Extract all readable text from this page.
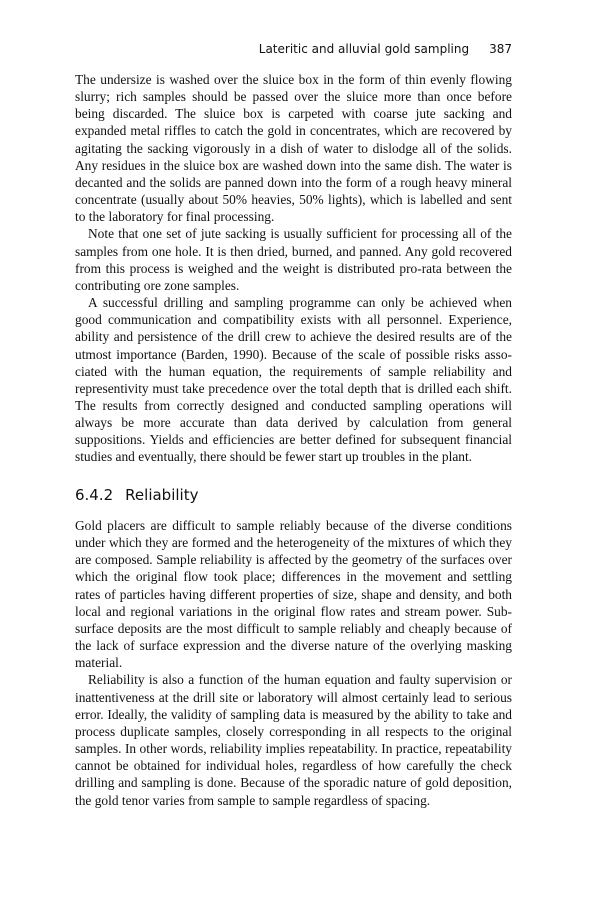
Lateritic and alluvial gold sampling 387

The undersize is washed over the sluice box in the form of thin evenly flowing slurry; rich samples should be passed over the sluice more than once before being discarded. The sluice box is carpeted with coarse jute sacking and expanded metal riffles to catch the gold in concentrates, which are recovered by agitating the sacking vigorously in a dish of water to dislodge all of the solids. Any residues in the sluice box are washed down into the same dish. The water is decanted and the solids are panned down into the form of a rough heavy mineral concentrate (usually about 50% heavies, 50% lights), which is labelled and sent to the laboratory for final processing.

Note that one set of jute sacking is usually sufficient for processing all of the samples from one hole. It is then dried, burned, and panned. Any gold recovered from this process is weighed and the weight is distributed pro-rata between the contributing ore zone samples.

A successful drilling and sampling programme can only be achieved when good communication and compatibility exists with all personnel. Experience, ability and persistence of the drill crew to achieve the desired results are of the utmost importance (Barden, 1990). Because of the scale of possible risks associated with the human equation, the requirements of sample reliability and representivity must take precedence over the total depth that is drilled each shift. The results from correctly designed and conducted sampling operations will always be more accurate than data derived by calculation from general suppositions. Yields and efficiencies are better defined for subsequent financial studies and eventually, there should be fewer start up troubles in the plant.

6.4.2 Reliability

Gold placers are difficult to sample reliably because of the diverse conditions under which they are formed and the heterogeneity of the mixtures of which they are composed. Sample reliability is affected by the geometry of the surfaces over which the original flow took place; differences in the movement and settling rates of particles having different properties of size, shape and density, and both local and regional variations in the original flow rates and stream power. Sub-surface deposits are the most difficult to sample reliably and cheaply because of the lack of surface expression and the diverse nature of the overlying masking material.

Reliability is also a function of the human equation and faulty supervision or inattentiveness at the drill site or laboratory will almost certainly lead to serious error. Ideally, the validity of sampling data is measured by the ability to take and process duplicate samples, closely corresponding in all respects to the original samples. In other words, reliability implies repeatability. In practice, repeatability cannot be obtained for individual holes, regardless of how carefully the check drilling and sampling is done. Because of the sporadic nature of gold deposition, the gold tenor varies from sample to sample regardless of spacing.
